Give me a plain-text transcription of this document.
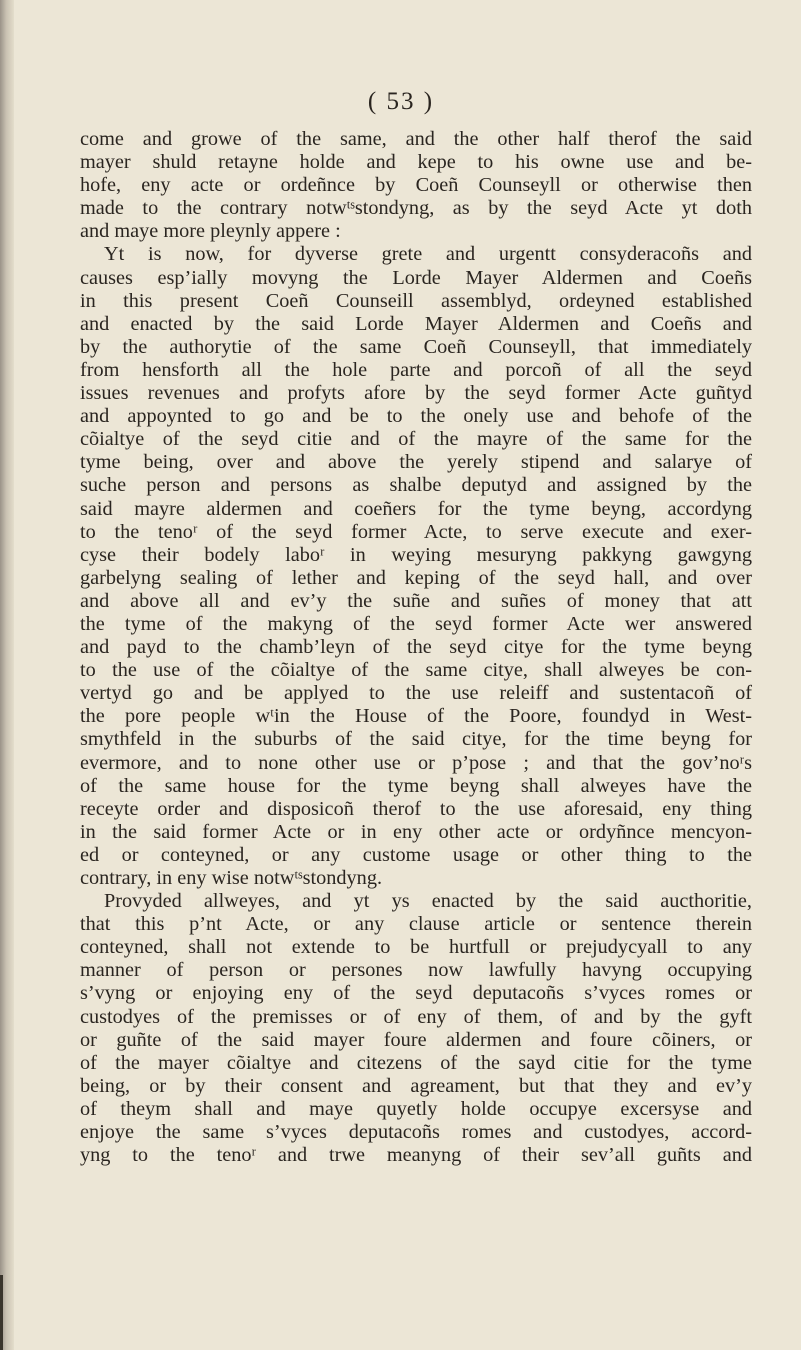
( 53 )
come and growe of the same, and the other half therof the said
mayer shuld retayne holde and kepe to his owne use and be-
hofe, eny acte or ordeñnce by Coeñ Counseyll or otherwise then
made to the contrary notwᵗˢstondyng, as by the seyd Acte yt doth
and maye more pleynly appere :
Yt is now, for dyverse grete and urgentt consyderacoñs and
causes esp’ially movyng the Lorde Mayer Aldermen and Coeñs
in this present Coeñ Counseill assemblyd, ordeyned established
and enacted by the said Lorde Mayer Aldermen and Coeñs and
by the authorytie of the same Coeñ Counseyll, that immediately
from hensforth all the hole parte and porcoñ of all the seyd
issues revenues and profyts afore by the seyd former Acte guñtyd
and appoynted to go and be to the onely use and behofe of the
cõialtye of the seyd citie and of the mayre of the same for the
tyme being, over and above the yerely stipend and salarye of
suche person and persons as shalbe deputyd and assigned by the
said mayre aldermen and coeñers for the tyme beyng, accordyng
to the tenoʳ of the seyd former Acte, to serve execute and exer-
cyse their bodely laboʳ in weying mesuryng pakkyng gawgyng
garbelyng sealing of lether and keping of the seyd hall, and over
and above all and ev’y the suñe and suñes of money that att
the tyme of the makyng of the seyd former Acte wer answered
and payd to the chamb’leyn of the seyd citye for the tyme beyng
to the use of the cõialtye of the same citye, shall alweyes be con-
vertyd go and be applyed to the use releiff and sustentacoñ of
the pore people wᵗin the House of the Poore, foundyd in West-
smythfeld in the suburbs of the said citye, for the time beyng for
evermore, and to none other use or p’pose ; and that the gov’noʳs
of the same house for the tyme beyng shall alweyes have the
receyte order and disposicoñ therof to the use aforesaid, eny thing
in the said former Acte or in eny other acte or ordyñnce mencyon-
ed or conteyned, or any custome usage or other thing to the
contrary, in eny wise notwᵗˢstondyng.
Provyded allweyes, and yt ys enacted by the said aucthoritie,
that this p’nt Acte, or any clause article or sentence therein
conteyned, shall not extende to be hurtfull or prejudycyall to any
manner of person or persones now lawfully havyng occupying
s’vyng or enjoying eny of the seyd deputacoñs s’vyces romes or
custodyes of the premisses or of eny of them, of and by the gyft
or guñte of the said mayer foure aldermen and foure cõiners, or
of the mayer cõialtye and citezens of the sayd citie for the tyme
being, or by their consent and agreament, but that they and ev’y
of theym shall and maye quyetly holde occupye excersyse and
enjoye the same s’vyces deputacoñs romes and custodyes, accord-
yng to the tenoʳ and trwe meanyng of their sev’all guñts and
